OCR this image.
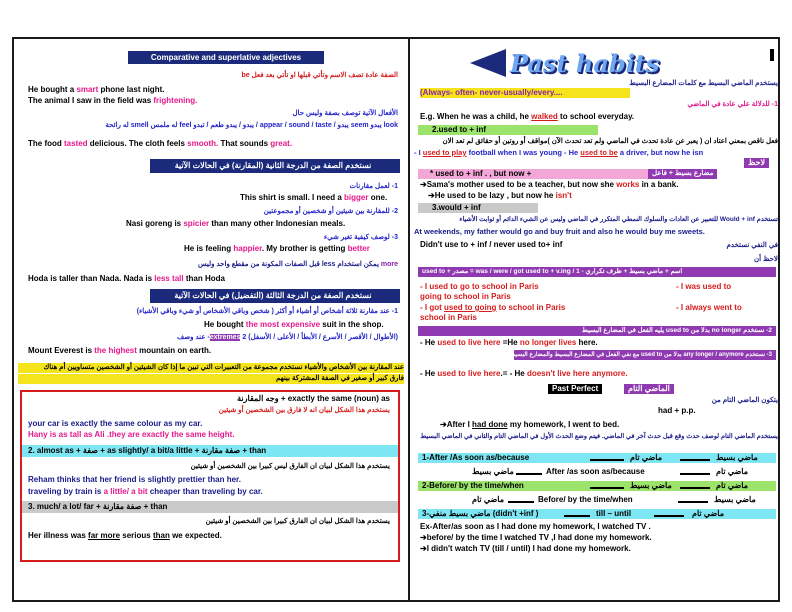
Comparative and superlative adjectives
الصفة عادة تصف الاسم وتأتي قبلها او تأتي بعد فعل be
He bought a smart phone last night.
The animal I saw in the field was frightening.
الأفعال الآتية توصف بصفة وليس حال
look يبدو seem يبدو / appear / sound / taste / يبدو / يبدو طعم / تبدو feel له ملمس smell له رائحة
The food tasted delicious. The cloth feels smooth. That sounds great.
نستخدم الصفة من الدرجة الثانية (المقارنة) في الحالات الآتية
1- لعمل مقارنات
This shirt is small. I need a bigger one.
2- للمقارنة بين شيئين أو شخصين أو مجموعتين
Nasi goreng is spicier than many other Indonesian meals.
3- لوصف كيفية تغير شيء
He is feeling happier. My brother is getting better
more يمكن استخدام less قبل الصفات المكونة من مقطع واحد وليس
Hoda is taller than Nada. Nada is less tall than Hoda
نستخدم الصفة من الدرجة الثالثة (التفضيل) في الحالات الآتية
1- عند مقارنة ثلاثة أشخاص أو أشياء أو أكثر ( شخص وباقي الأشخاص أو شيء وباقي الأشياء)
He bought the most expensive suit in the shop.
(الأطوال / الأقصر / الأسرع / الأبطأ / الأعلى / الأسفل) extremes 2- عند وصف
Mount Everest is the highest mountain on earth.
عند المقارنة بين الأشخاص والأشياء نستخدم مجموعة من التعبيرات التي تبين ما إذا كان الشيئين أو الشخصين متساويين أم هناك
فارق كبير أو صغير في الصفة المشتركة بينهم
exactly the same (noun) as + وجه المقارنة
يستخدم هذا الشكل لبيان انه لا فارق بين الشخصين أو شيئين
your car is exactly the same colour as my car.
Hany is as tall as Ali .they are exactly the same height.
2. almost as + صفة + as slightly/ a bit/a little + صفة مقارنة + than
يستخدم هذا الشكل لبيان ان الفارق ليس كبيرا بين الشخصين أو شيئين
Reham thinks that her friend is slightly prettier than her.
traveling by train is a little/ a bit cheaper than traveling by car.
3. much/ a lot/ far + صفة مقارنة + than
يستخدم هذا الشكل لبيان ان الفارق كبيرا بين الشخصين أو شيئين
Her illness was far more serious than we expected.
Past habits
يستخدم الماضي البسيط مع كلمات المضارع البسيط
(Always- often- never-usually/every....
1- للدلالة علي عادة في الماضي
E.g. When he was a child, he walked to school everyday.
2.used to + inf
فعل ناقص بمعني اعتاد ان ( يعبر عن عادة تحدث في الماضي ولم تعد تحدث الآن )مواقف أو روتين أو حقائق لم تعد الان
- I used to play football when I was young - He used to be a driver, but now he isn
لاحظ
* used to + inf . , but now +	مضارع بسيط + فاعل
➔Sama's mother used to be a teacher, but now she works in a bank.
➔He used to be lazy , but now he isn't
3.would + inf
تستخدم Would + inf للتعبير عن العادات والسلوك النمطي المتكرر في الماضي وليس عن الشيء الدائم أو ثوابت الأشياء
At weekends, my father would go and buy fruit and also he would buy me sweets.
Didn't use to + inf / never used to+ inf	في النفي نستخدم
لاحظ أن
used to + مصدر = was / were / got used to + v.ing / اسم + ماضي بسيط + ظرف تكراري - 1
- I used to go to school in Paris	- I was used to
going to school in Paris
- I got used to going to school in Paris	- I always went to
school in Paris
2- نستخدم no longer بدلا من used to يليه الفعل في المضارع البسيط
- He used to live here =He no longer lives here.
3- نستخدم any longer / anymore بدلا من used to مع نفي الفعل في المضارع البسيط والمضارع البسيط في نهاية الجملة
- He used to live here.= - He doesn't live here anymore.
Past Perfect	الماضي التام
يتكون الماضي التام من
had + p.p.
➔After I had done my homework, I went to bed.
يستخدم الماضي التام لوصف حدث وقع قبل حدث آخر في الماضي. فيتم وضع الحدث الأول في الماضي التام والثاني في الماضي البسيط
1-After /As soon as/because	ماضي تام	ماضي بسيط
ماضي بسيط	After /as soon as/because	ماضي تام
2-Before/ by the time/when	ماضي بسيط	ماضي تام
ماضي تام	Before/ by the time/when	ماضي بسيط
3-ماضي بسيط منفي (didn't +inf )	till – until	ماضي تام
Ex-After/as soon as I had done my homework, I watched TV .
➔before/ by the time I watched TV ,I had done my homework.
➔I didn't watch TV (till / until) I had done my homework.
